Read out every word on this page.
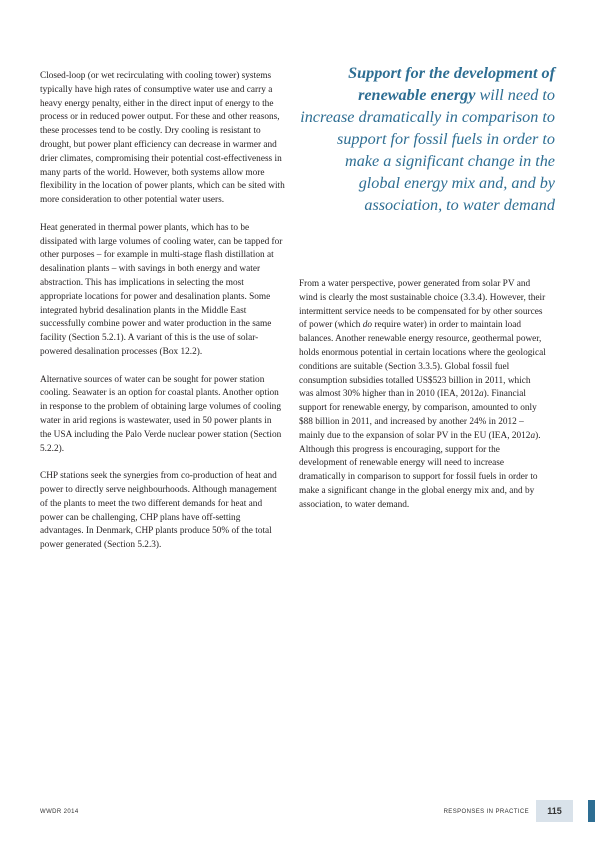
Closed-loop (or wet recirculating with cooling tower) systems typically have high rates of consumptive water use and carry a heavy energy penalty, either in the direct input of energy to the process or in reduced power output. For these and other reasons, these processes tend to be costly. Dry cooling is resistant to drought, but power plant efficiency can decrease in warmer and drier climates, compromising their potential cost-effectiveness in many parts of the world. However, both systems allow more flexibility in the location of power plants, which can be sited with more consideration to other potential water users.

Heat generated in thermal power plants, which has to be dissipated with large volumes of cooling water, can be tapped for other purposes – for example in multi-stage flash distillation at desalination plants – with savings in both energy and water abstraction. This has implications in selecting the most appropriate locations for power and desalination plants. Some integrated hybrid desalination plants in the Middle East successfully combine power and water production in the same facility (Section 5.2.1). A variant of this is the use of solar-powered desalination processes (Box 12.2).

Alternative sources of water can be sought for power station cooling. Seawater is an option for coastal plants. Another option in response to the problem of obtaining large volumes of cooling water in arid regions is wastewater, used in 50 power plants in the USA including the Palo Verde nuclear power station (Section 5.2.2).

CHP stations seek the synergies from co-production of heat and power to directly serve neighbourhoods. Although management of the plants to meet the two different demands for heat and power can be challenging, CHP plans have off-setting advantages. In Denmark, CHP plants produce 50% of the total power generated (Section 5.2.3).

Support for the development of renewable energy will need to increase dramatically in comparison to support for fossil fuels in order to make a significant change in the global energy mix and, and by association, to water demand

From a water perspective, power generated from solar PV and wind is clearly the most sustainable choice (3.3.4). However, their intermittent service needs to be compensated for by other sources of power (which do require water) in order to maintain load balances. Another renewable energy resource, geothermal power, holds enormous potential in certain locations where the geological conditions are suitable (Section 3.3.5). Global fossil fuel consumption subsidies totalled US$523 billion in 2011, which was almost 30% higher than in 2010 (IEA, 2012a). Financial support for renewable energy, by comparison, amounted to only $88 billion in 2011, and increased by another 24% in 2012 – mainly due to the expansion of solar PV in the EU (IEA, 2012a). Although this progress is encouraging, support for the development of renewable energy will need to increase dramatically in comparison to support for fossil fuels in order to make a significant change in the global energy mix and, and by association, to water demand.

WWDR 2014	RESPONSES IN PRACTICE	115
